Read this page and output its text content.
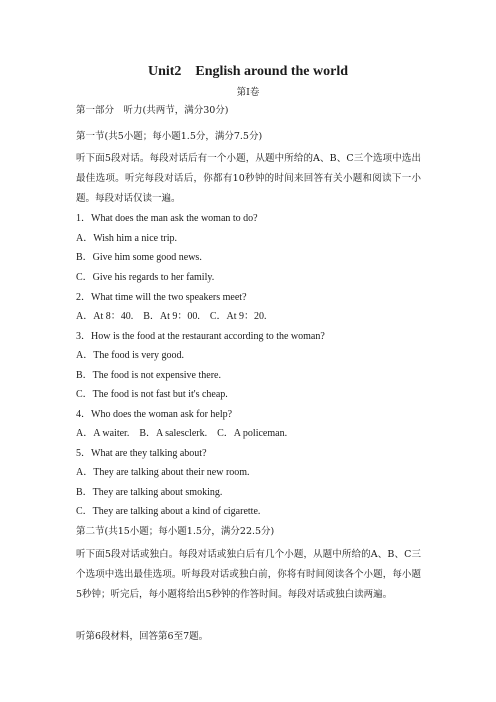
Unit2　English around the world
第Ⅰ卷
第一部分　听力(共两节，满分30分)
第一节(共5小题；每小题1.5分，满分7.5分)
听下面5段对话。每段对话后有一个小题，从题中所给的A、B、C三个选项中选出最佳选项。听完每段对话后，你都有10秒钟的时间来回答有关小题和阅读下一小题。每段对话仅读一遍。
1．What does the man ask the woman to do?
A．Wish him a nice trip.
B．Give him some good news.
C．Give his regards to her family.
2．What time will the two speakers meet?
A．At 8：40.　B．At 9：00.　C．At 9：20.
3．How is the food at the restaurant according to the woman?
A．The food is very good.
B．The food is not expensive there.
C．The food is not fast but it's cheap.
4．Who does the woman ask for help?
A．A waiter.　B．A salesclerk.　C．A policeman.
5．What are they talking about?
A．They are talking about their new room.
B．They are talking about smoking.
C．They are talking about a kind of cigarette.
第二节(共15小题；每小题1.5分，满分22.5分)
听下面5段对话或独白。每段对话或独白后有几个小题，从题中所给的A、B、C三个选项中选出最佳选项。听每段对话或独白前，你将有时间阅读各个小题，每小题5秒钟；听完后，每小题将给出5秒钟的作答时间。每段对话或独白读两遍。
听第6段材料，回答第6至7题。
